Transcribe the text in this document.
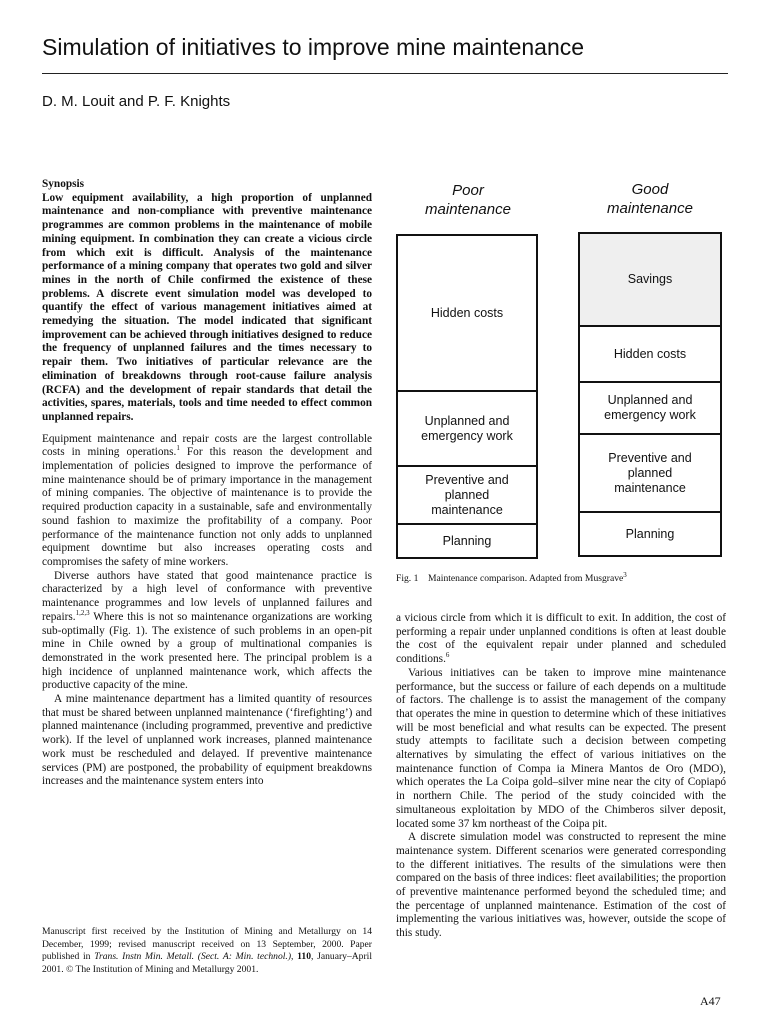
Simulation of initiatives to improve mine maintenance
D. M. Louit and P. F. Knights

Synopsis

Low equipment availability, a high proportion of unplanned maintenance and non-compliance with preventive maintenance programmes are common problems in the maintenance of mobile mining equipment. In combination they can create a vicious circle from which exit is difficult. Analysis of the maintenance performance of a mining company that operates two gold and silver mines in the north of Chile confirmed the existence of these problems. A discrete event simulation model was developed to quantify the effect of various management initiatives aimed at remedying the situation. The model indicated that significant improvement can be achieved through initiatives designed to reduce the frequency of unplanned failures and the times necessary to repair them. Two initiatives of particular relevance are the elimination of breakdowns through root-cause failure analysis (RCFA) and the development of repair standards that detail the activities, spares, materials, tools and time needed to effect common unplanned repairs.

Equipment maintenance and repair costs are the largest controllable costs in mining operations.$^1$ For this reason the development and implementation of policies designed to improve the performance of mine maintenance should be of primary importance in the management of mining companies. The objective of maintenance is to provide the required production capacity in a sustainable, safe and environmentally sound fashion to maximize the profitability of a company. Poor performance of the maintenance function not only adds to unplanned equipment downtime but also increases operating costs and compromises the safety of mine workers.

Diverse authors have stated that good maintenance practice is characterized by a high level of conformance with preventive maintenance programmes and low levels of unplanned failures and repairs.$^{1,2,3}$ Where this is not so maintenance organizations are working sub-optimally (Fig. 1). The existence of such problems in an open-pit mine in Chile owned by a group of multinational companies is demonstrated in the work presented here. The principal problem is a high incidence of unplanned maintenance work, which affects the productive capacity of the mine.

A mine maintenance department has a limited quantity of resources that must be shared between unplanned maintenance (‘firefighting’) and planned maintenance (including programmed, preventive and predictive work). If the level of unplanned work increases, planned maintenance work must be rescheduled and delayed. If preventive maintenance services (PM) are postponed, the probability of equipment breakdowns increases and the maintenance system enters into

Manuscript first received by the Institution of Mining and Metallurgy on 14 December, 1999; revised manuscript received on 13 September, 2000. Paper published in Trans. Instn Min. Metall. (Sect. A: Min. technol.), 110, January–April 2001. © The Institution of Mining and Metallurgy 2001.

Poor
maintenance
Good
maintenance
Hidden costs
Unplanned and
emergency work
Preventive and
planned
maintenance
Planning
Savings
Hidden costs
Unplanned and
emergency work
Preventive and
planned
maintenance
Planning
Fig. 1 Maintenance comparison. Adapted from Musgrave$^3$

a vicious circle from which it is difficult to exit. In addition, the cost of performing a repair under unplanned conditions is often at least double the cost of the equivalent repair under planned and scheduled conditions.$^6$

Various initiatives can be taken to improve mine maintenance performance, but the success or failure of each depends on a multitude of factors. The challenge is to assist the management of the company that operates the mine in question to determine which of these initiatives will be most beneficial and what results can be expected. The present study attempts to facilitate such a decision between competing alternatives by simulating the effect of various initiatives on the maintenance function of Compa ia Minera Mantos de Oro (MDO), which operates the La Coipa gold–silver mine near the city of Copiapó in northern Chile. The period of the study coincided with the simultaneous exploitation by MDO of the Chimberos silver deposit, located some 37 km northeast of the Coipa pit.

A discrete simulation model was constructed to represent the mine maintenance system. Different scenarios were generated corresponding to the different initiatives. The results of the simulations were then compared on the basis of three indices: fleet availabilities; the proportion of preventive maintenance performed beyond the scheduled time; and the percentage of unplanned maintenance. Estimation of the cost of implementing the various initiatives was, however, outside the scope of this study.

A47
